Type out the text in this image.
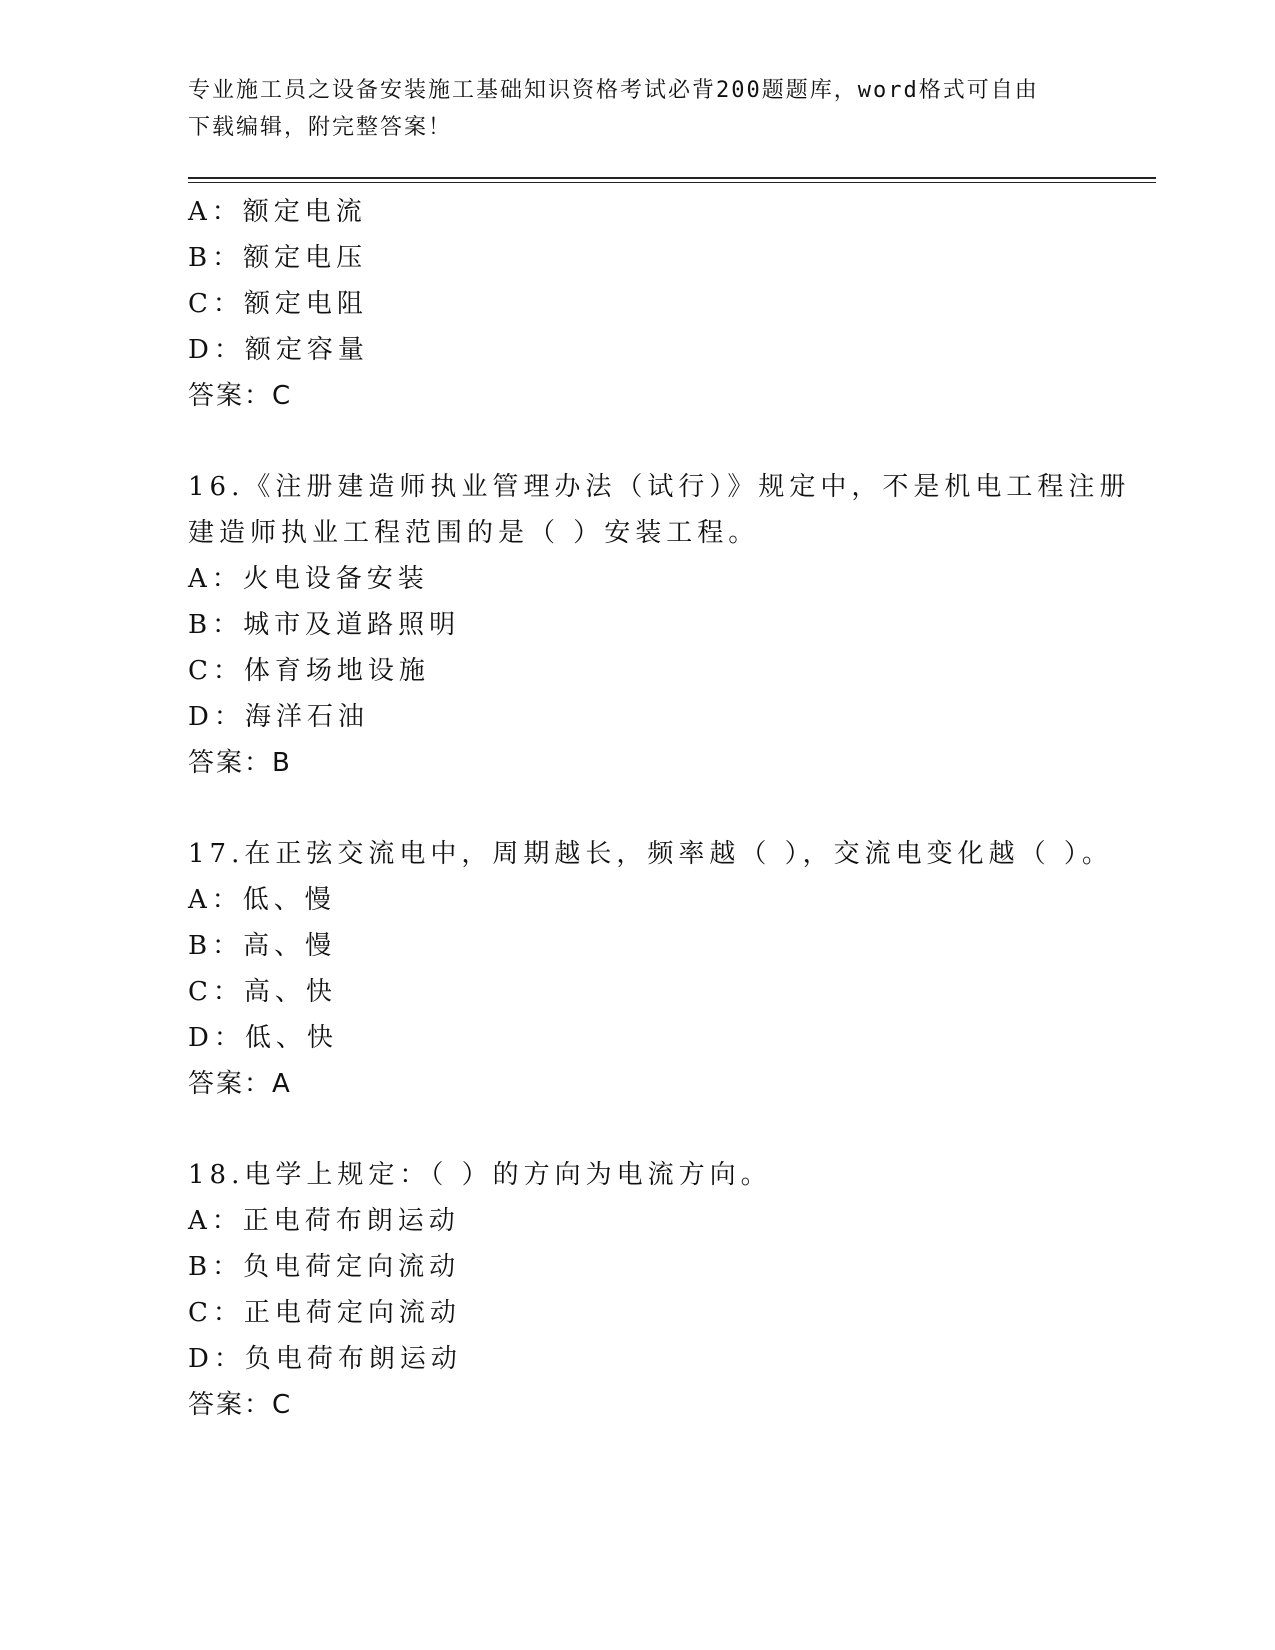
专业施工员之设备安装施工基础知识资格考试必背200题题库，word格式可自由
下载编辑，附完整答案！
A：额定电流
B：额定电压
C：额定电阻
D：额定容量
答案：C
16.《注册建造师执业管理办法（试行）》规定中，不是机电工程注册
建造师执业工程范围的是（ ）安装工程。
A：火电设备安装
B：城市及道路照明
C：体育场地设施
D：海洋石油
答案：B
17.在正弦交流电中，周期越长，频率越（ ），交流电变化越（ ）。
A：低、慢
B：高、慢
C：高、快
D：低、快
答案：A
18.电学上规定：（ ）的方向为电流方向。
A：正电荷布朗运动
B：负电荷定向流动
C：正电荷定向流动
D：负电荷布朗运动
答案：C
